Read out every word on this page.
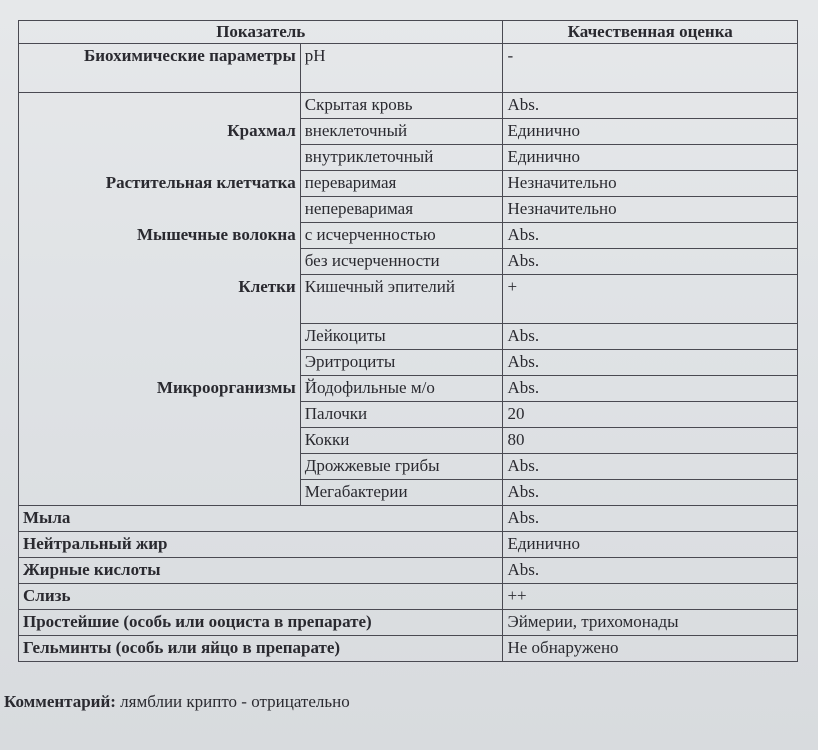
Показатель		Качественная оценка
Биохимические параметры	pH	-
	Скрытая кровь	Abs.
Крахмал	внеклеточный	Единично
	внутриклеточный	Единично
Растительная клетчатка	переваримая	Незначительно
	непереваримая	Незначительно
Мышечные волокна	с исчерченностью	Abs.
	без исчерченности	Abs.
Клетки	Кишечный эпителий	+
	Лейкоциты	Abs.
	Эритроциты	Abs.
Микроорганизмы	Йодофильные м/о	Abs.
	Палочки	20
	Кокки	80
	Дрожжевые грибы	Abs.
	Мегабактерии	Abs.
Мыла		Abs.
Нейтральный жир		Единично
Жирные кислоты		Abs.
Слизь		++
Простейшие (особь или ооциста в препарате)		Эймерии, трихомонады
Гельминты (особь или яйцо в препарате)		Не обнаружено
Комментарий: лямблии крипто - отрицательно
